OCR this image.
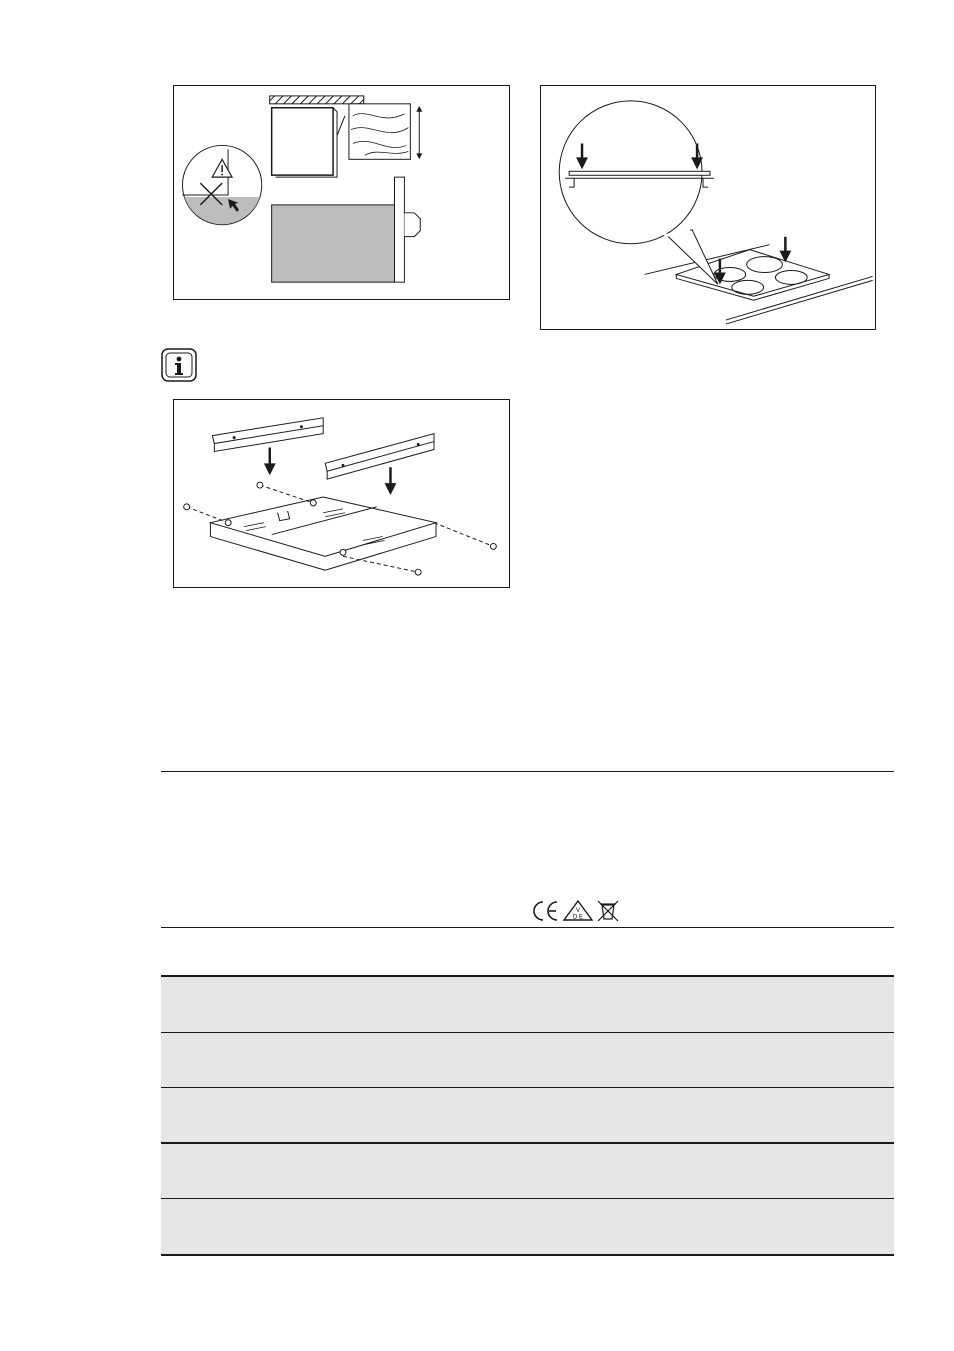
V
D E
